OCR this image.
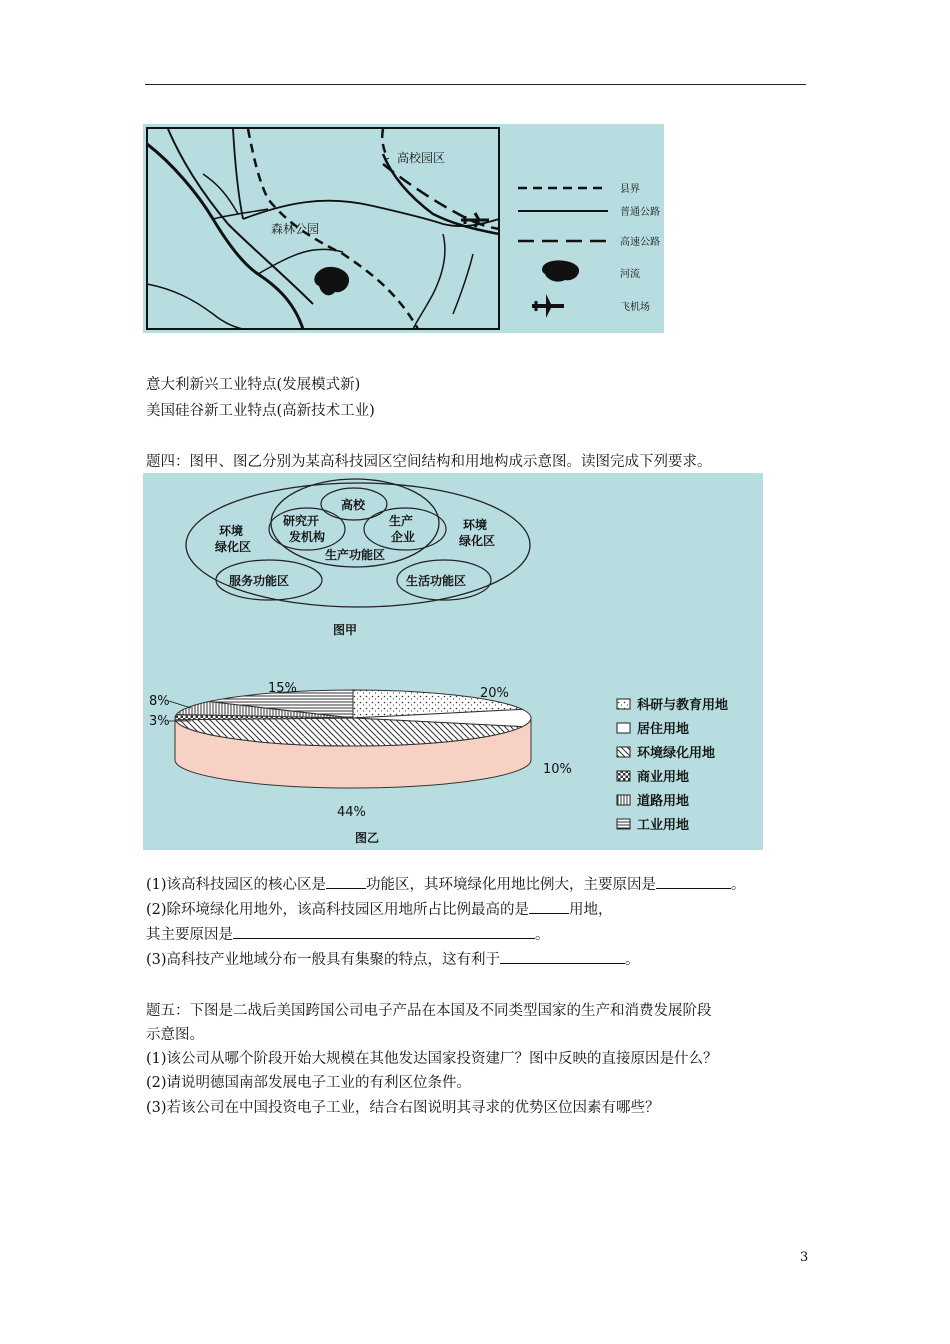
高校园区
森林公园
县界
普通公路
高速公路
河流
飞机场
意大利新兴工业特点(发展模式新)
美国硅谷新工业特点(高新技术工业)
题四：图甲、图乙分别为某高科技园区空间结构和用地构成示意图。读图完成下列要求。
高校
研究开
发机构
生产
企业
生产功能区
环境
绿化区
环境
绿化区
服务功能区	生活功能区
图甲
15%	20%
10%
44%
8%
3%
图乙
科研与教育用地
居住用地
环境绿化用地
商业用地
道路用地
工业用地
(1)该高科技园区的核心区是	功能区，其环境绿化用地比例大，主要原因是	。
(2)除环境绿化用地外，该高科技园区用地所占比例最高的是	用地，
其主要原因是	。
(3)高科技产业地域分布一般具有集聚的特点，这有利于	。
题五：下图是二战后美国跨国公司电子产品在本国及不同类型国家的生产和消费发展阶段
示意图。
(1)该公司从哪个阶段开始大规模在其他发达国家投资建厂？图中反映的直接原因是什么？
(2)请说明德国南部发展电子工业的有利区位条件。
(3)若该公司在中国投资电子工业，结合右图说明其寻求的优势区位因素有哪些？
3
